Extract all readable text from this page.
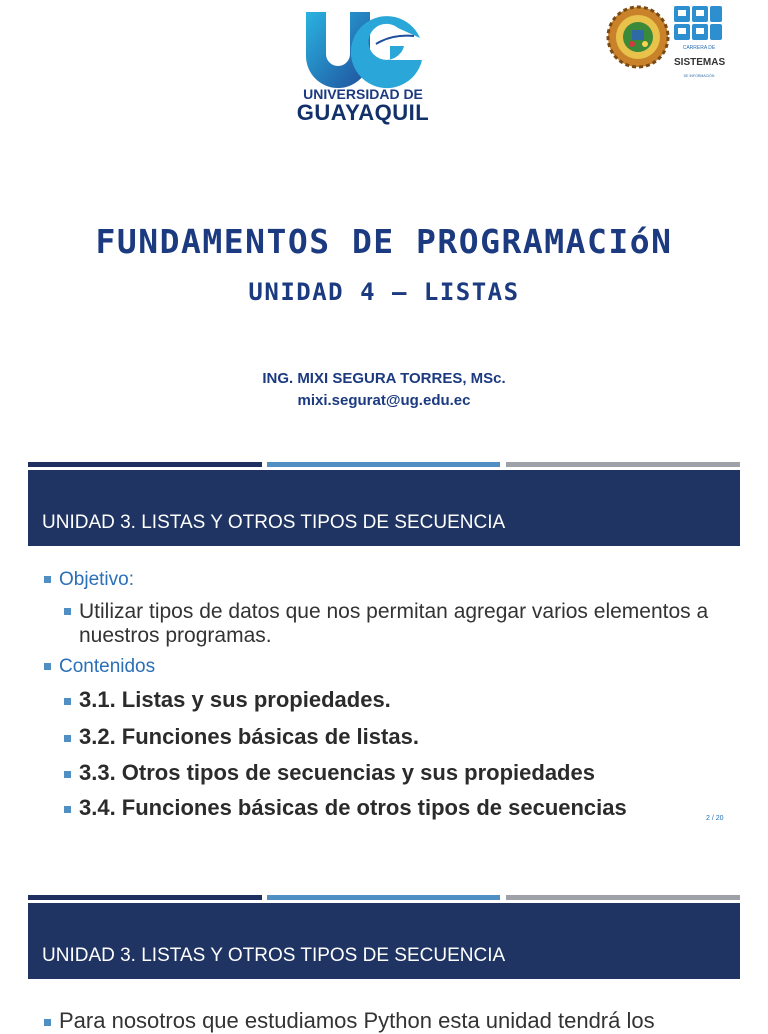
UNIVERSIDAD DE
GUAYAQUIL
CARRERA DE
SISTEMAS
DE INFORMACIÓN
FUNDAMENTOS DE PROGRAMACIóN
UNIDAD 4 – LISTAS
ING. MIXI SEGURA TORRES, MSc.
mixi.segurat@ug.edu.ec
UNIDAD 3. LISTAS Y OTROS TIPOS DE SECUENCIA
Objetivo:
Utilizar tipos de datos que nos permitan agregar varios elementos a nuestros programas.
Contenidos
3.1. Listas y sus propiedades.
3.2. Funciones básicas de listas.
3.3. Otros tipos de secuencias y sus propiedades
3.4. Funciones básicas de otros tipos de secuencias	2 / 20
UNIDAD 3. LISTAS Y OTROS TIPOS DE SECUENCIA
Para nosotros que estudiamos Python esta unidad tendrá los
